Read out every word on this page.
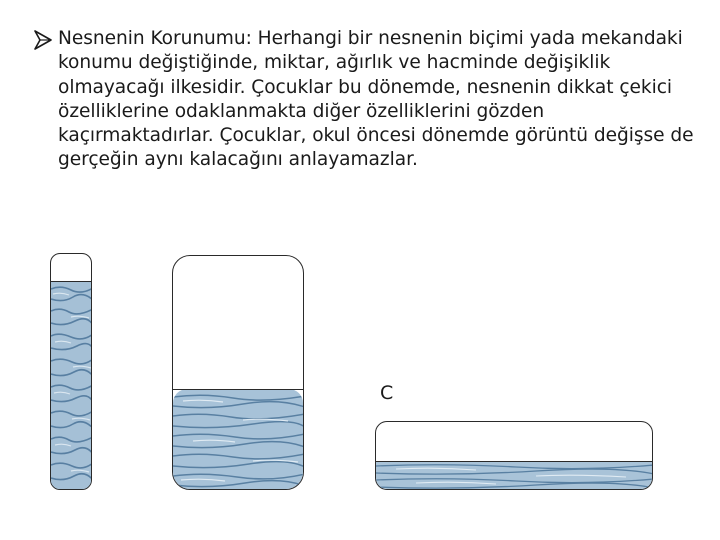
Nesnenin Korunumu: Herhangi bir nesnenin biçimi yada mekandaki konumu değiştiğinde, miktar, ağırlık ve hacminde değişiklik olmayacağı ilkesidir. Çocuklar bu dönemde, nesnenin dikkat çekici özelliklerine odaklanmakta diğer özelliklerini gözden kaçırmaktadırlar. Çocuklar, okul öncesi dönemde görüntü değişse de gerçeğin aynı kalacağını anlayamazlar.
C
